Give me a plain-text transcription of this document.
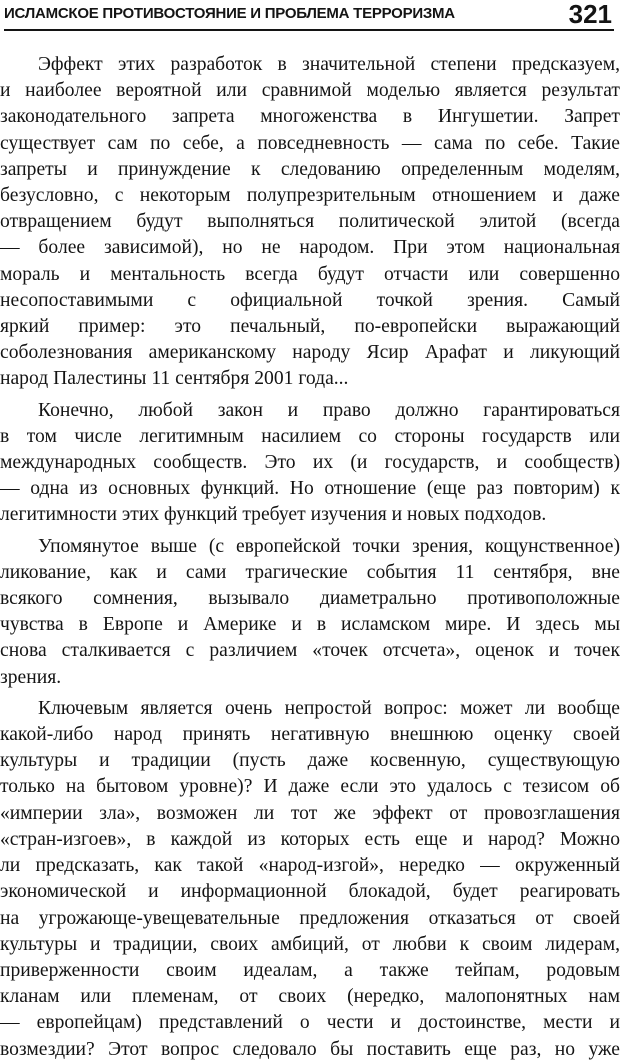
ИСЛАМСКОЕ ПРОТИВОСТОЯНИЕ И ПРОБЛЕМА ТЕРРОРИЗМА	321
Эффект этих разработок в значительной степени предсказуем,
и наиболее вероятной или сравнимой моделью является результат
законодательного запрета многоженства в Ингушетии. Запрет
существует сам по себе, а повседневность — сама по себе. Такие
запреты и принуждение к следованию определенным моделям,
безусловно, с некоторым полупрезрительным отношением и даже
отвращением будут выполняться политической элитой (всегда
— более зависимой), но не народом. При этом национальная
мораль и ментальность всегда будут отчасти или совершенно
несопоставимыми с официальной точкой зрения. Самый
яркий пример: это печальный, по-европейски выражающий
соболезнования американскому народу Ясир Арафат и ликующий
народ Палестины 11 сентября 2001 года...
Конечно, любой закон и право должно гарантироваться
в том числе легитимным насилием со стороны государств или
международных сообществ. Это их (и государств, и сообществ)
— одна из основных функций. Но отношение (еще раз повторим) к
легитимности этих функций требует изучения и новых подходов.
Упомянутое выше (с европейской точки зрения, кощунственное)
ликование, как и сами трагические события 11 сентября, вне
всякого сомнения, вызывало диаметрально противоположные
чувства в Европе и Америке и в исламском мире. И здесь мы
снова сталкивается с различием «точек отсчета», оценок и точек
зрения.
Ключевым является очень непростой вопрос: может ли вообще
какой-либо народ принять негативную внешнюю оценку своей
культуры и традиции (пусть даже косвенную, существующую
только на бытовом уровне)? И даже если это удалось с тезисом об
«империи зла», возможен ли тот же эффект от провозглашения
«стран-изгоев», в каждой из которых есть еще и народ? Можно
ли предсказать, как такой «народ-изгой», нередко — окруженный
экономической и информационной блокадой, будет реагировать
на угрожающе-увещевательные предложения отказаться от своей
культуры и традиции, своих амбиций, от любви к своим лидерам,
приверженности своим идеалам, а также тейпам, родовым
кланам или племенам, от своих (нередко, малопонятных нам
— европейцам) представлений о чести и достоинстве, мести и
возмездии? Этот вопрос следовало бы поставить еще раз, но уже
